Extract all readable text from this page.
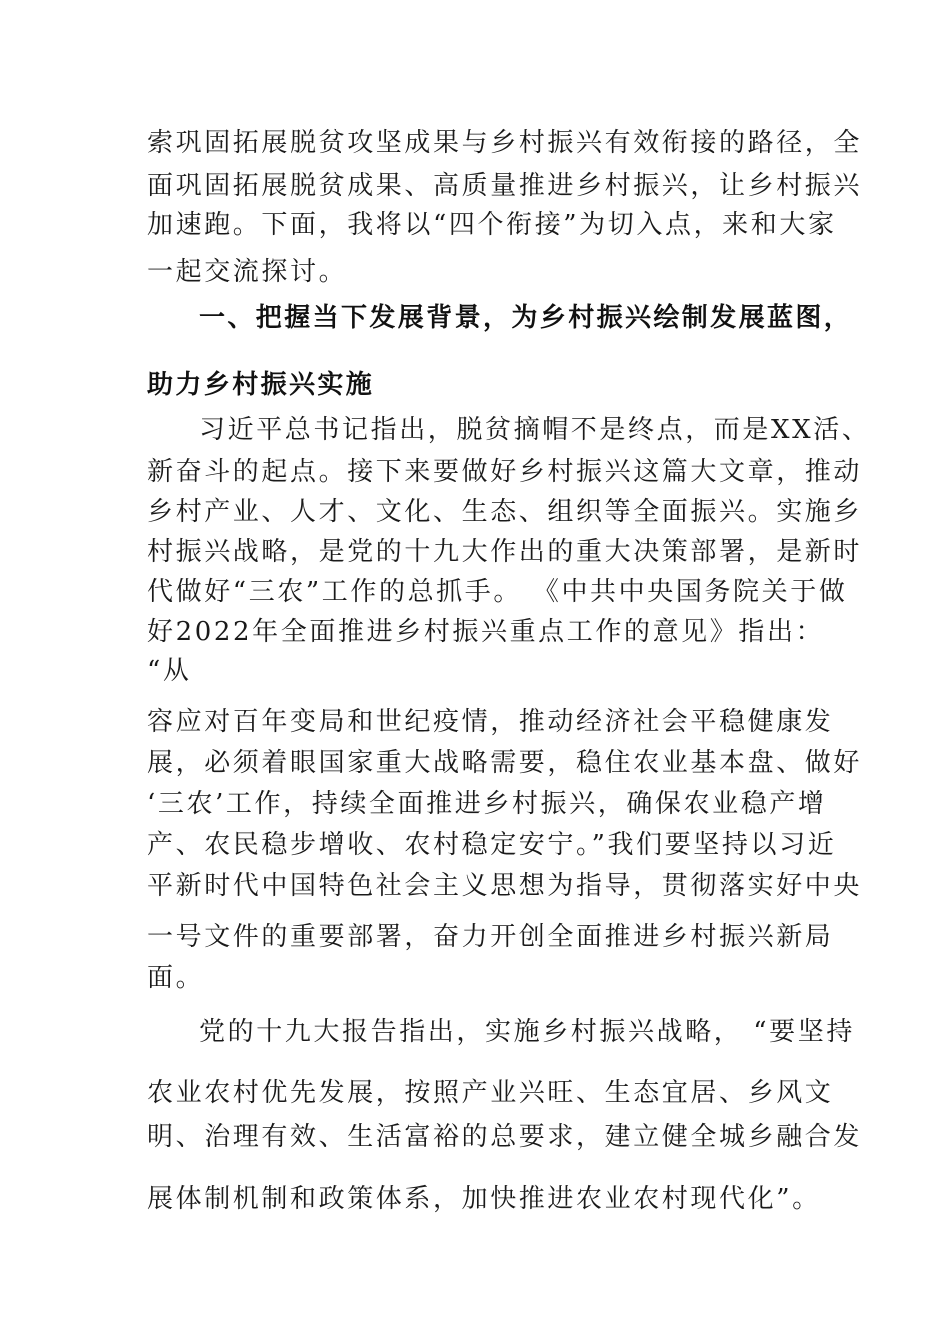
索巩固拓展脱贫攻坚成果与乡村振兴有效衔接的路径，全
面巩固拓展脱贫成果、高质量推进乡村振兴，让乡村振兴
加速跑。下面，我将以“四个衔接”为切入点，来和大家
一起交流探讨。
一、把握当下发展背景，为乡村振兴绘制发展蓝图，
助力乡村振兴实施
习近平总书记指出，脱贫摘帽不是终点，而是XX活、
新奋斗的起点。接下来要做好乡村振兴这篇大文章，推动
乡村产业、人才、文化、生态、组织等全面振兴。实施乡
村振兴战略，是党的十九大作出的重大决策部署，是新时
代做好“三农”工作的总抓手。 《中共中央国务院关于做
好2022年全面推进乡村振兴重点工作的意见》指出：
“从
容应对百年变局和世纪疫情，推动经济社会平稳健康发
展，必须着眼国家重大战略需要，稳住农业基本盘、做好
‘三农’工作，持续全面推进乡村振兴，确保农业稳产增
产、农民稳步增收、农村稳定安宁。”我们要坚持以习近
平新时代中国特色社会主义思想为指导，贯彻落实好中央
一号文件的重要部署，奋力开创全面推进乡村振兴新局
面。
党的十九大报告指出，实施乡村振兴战略， “要坚持
农业农村优先发展，按照产业兴旺、生态宜居、乡风文
明、治理有效、生活富裕的总要求，建立健全城乡融合发
展体制机制和政策体系，加快推进农业农村现代化”。
